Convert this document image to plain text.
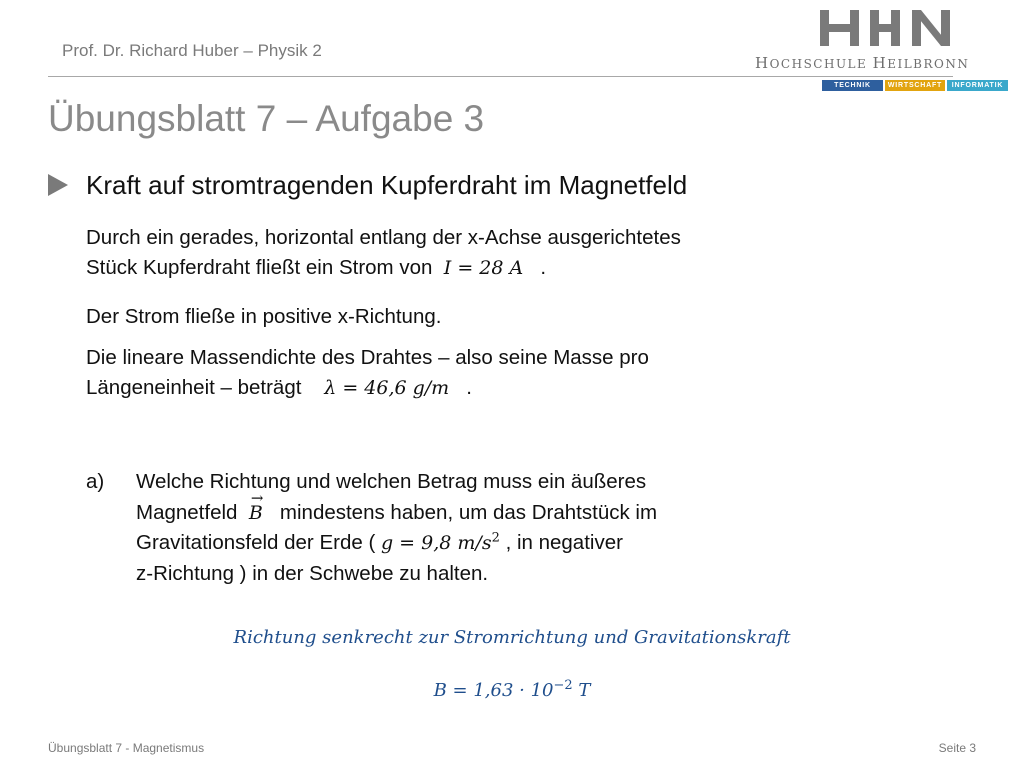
Prof. Dr. Richard Huber – Physik 2
HOCHSCHULE HEILBRONN
TECHNIK	WIRTSCHAFT	INFORMATIK
Übungsblatt 7 – Aufgabe 3
Kraft auf stromtragenden Kupferdraht im Magnetfeld
Durch ein gerades, horizontal entlang der x-Achse ausgerichtetes
Stück Kupferdraht fließt ein Strom von I = 28 A .
Der Strom fließe in positive x-Richtung.
Die lineare Massendichte des Drahtes – also seine Masse pro
Längeneinheit – beträgt λ = 46,6 g/m .
a) Welche Richtung und welchen Betrag muss ein äußeres
Magnetfeld  → B mindestens haben, um das Drahtstück im
Gravitationsfeld der Erde ( g = 9,8 $m/s^2$ , in negativer
z-Richtung ) in der Schwebe zu halten.
Richtung senkrecht zur Stromrichtung und Gravitationskraft
$B = 1,63 \cdot 10^{-2}$ T
Übungsblatt 7 - Magnetismus	Seite 3
